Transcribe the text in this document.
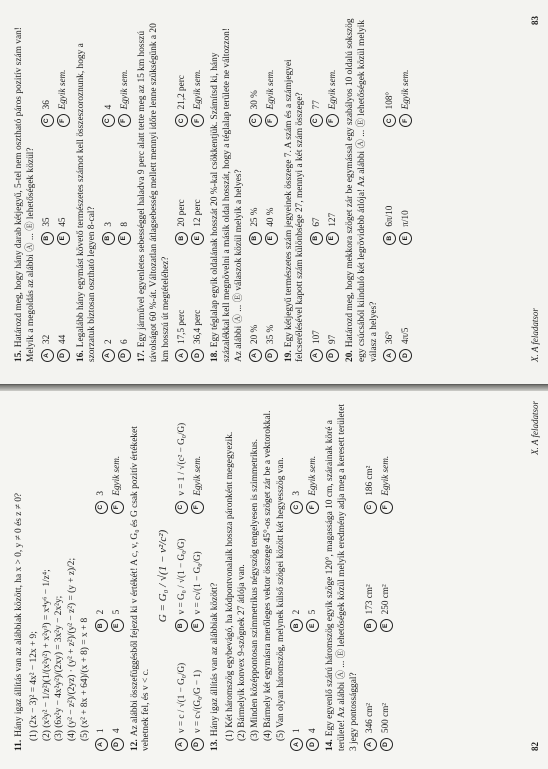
11.Hány igaz állítás van az alábbiak között, ha x > 0, y ≠ 0 és z ≠ 0? (1) (2x − 3)² = 4x² − 12x + 9; (2) (x²y² − 1/z²)(1/(x²y²) + x²y³) = x⁴y⁶ − 1/z⁴; (3) (6x²y − 4x²y²)/(2xy) = 3x²y − 2x²y; (4) (y² − z²)/(2yz) · (y² + z²)/(y² − z²) = (y + z)/2; (5) (x² + 8x + 64)/(x + 8) = x + 8
A
1
B
2
C
3
D
4
E
5
F
Egyik sem.

12.Az alábbi összefüggésből fejezd ki v értékét! A c, v, G₀ és G csak pozitív értékeket vehetnek fel, és v < c.

G = G₀ / √(1 − v²/c²)
A
v = c / √(1 − G₀/G)
B
v = G₀ / √(1 − G₀/G)
C
v = 1 / √(c² − G₀/G)
D
v = c√(G₀/G − 1)
E
v = c√(1 − G₀/G)
F
Egyik sem.

13.Hány igaz állítás van az alábbiak között? (1) Két háromszög egybevágó, ha kódpontvonalaik hossza páronként megegyezik. (2) Bármelyik konvex 9-szögnek 27 átlója van. (3) Minden középpontosan szimmetrikus négyszög tengelyesen is szimmetrikus. (4) Bármely két egymásra merőleges vektor összege 45°-os szöget zár be a vektorokkal. (5) Van olyan háromszög, melynek külső szögei között két hegyesszög van.
A
1
B
2
C
3
D
4
E
5
F
Egyik sem.

14.Egy egyenlő szárú háromszög egyik szöge 120°, magassága 10 cm, szárainak köré a területe! Az alábbi Ⓐ ... Ⓔ lehetőségek közül melyik eredmény adja meg a keresett területet 3 jegy pontossággal?	A
346 cm²
B
173 cm²
C
186 cm²
D
500 cm²
E
250 cm²
F
Egyik sem.
82
X. A feladatsor

15.Határozd meg, hogy hány darab kétjegyű, 5-tel nem osztható páros pozitív szám van! Melyik a megoldás az alábbi Ⓐ ... Ⓔ lehetőségek közül?	A
32
B
35
C
36
D
44
E
45
F
Egyik sem.

16.Legalább hány egymást követő természetes számot kell összeszoroznunk, hogy a szorzatuk biztosan osztható legyen 8-cal?	A
2
B
3
C
4
D
6
E
8
F
Egyik sem.

17.Egy járművel egyenletes sebességgel haladva 9 perc alatt tette meg az 15 km hosszú távolságot 60 %-át. Változatlan átlagsebesség mellett mennyi időre lenne szükségünk a 20 km hosszú út megtételéhez?	A
17,5 perc
B
20 perc
C
21,2 perc
D
36,4 perc
E
12 perc
F
Egyik sem.

18.Egy téglalap egyik oldalának hosszát 20 %-kal csökkentjük. Számítsd ki, hány százalékkal kell megnövelni a másik oldal hosszát, hogy a téglalap területe ne változzon! Az alábbi Ⓐ ... Ⓔ válaszok közül melyik a helyes?	A
20 %
B
25 %
C
30 %
D
35 %
E
40 %
F
Egyik sem.

19.Egy kétjegyű természetes szám jegyeinek összege 7. A szám és a számjegyei felcserélésével kapott szám különbsége 27, mennyi a két szám összege?	A
107
B
67
C
77
D
97
E
127
F
Egyik sem.

20.Határozd meg, hogy mekkora szöget zár be egymással egy szabályos 10 oldalú sokszög egy csúcsából kiinduló két legrövidebb átlója! Az alábbi Ⓐ ... Ⓔ lehetőségek közül melyik válasz a helyes?	A
36°
B
6π/10
C
108°
D
4π/5
E
π/10
F
Egyik sem.
X. A feladatsor
83
